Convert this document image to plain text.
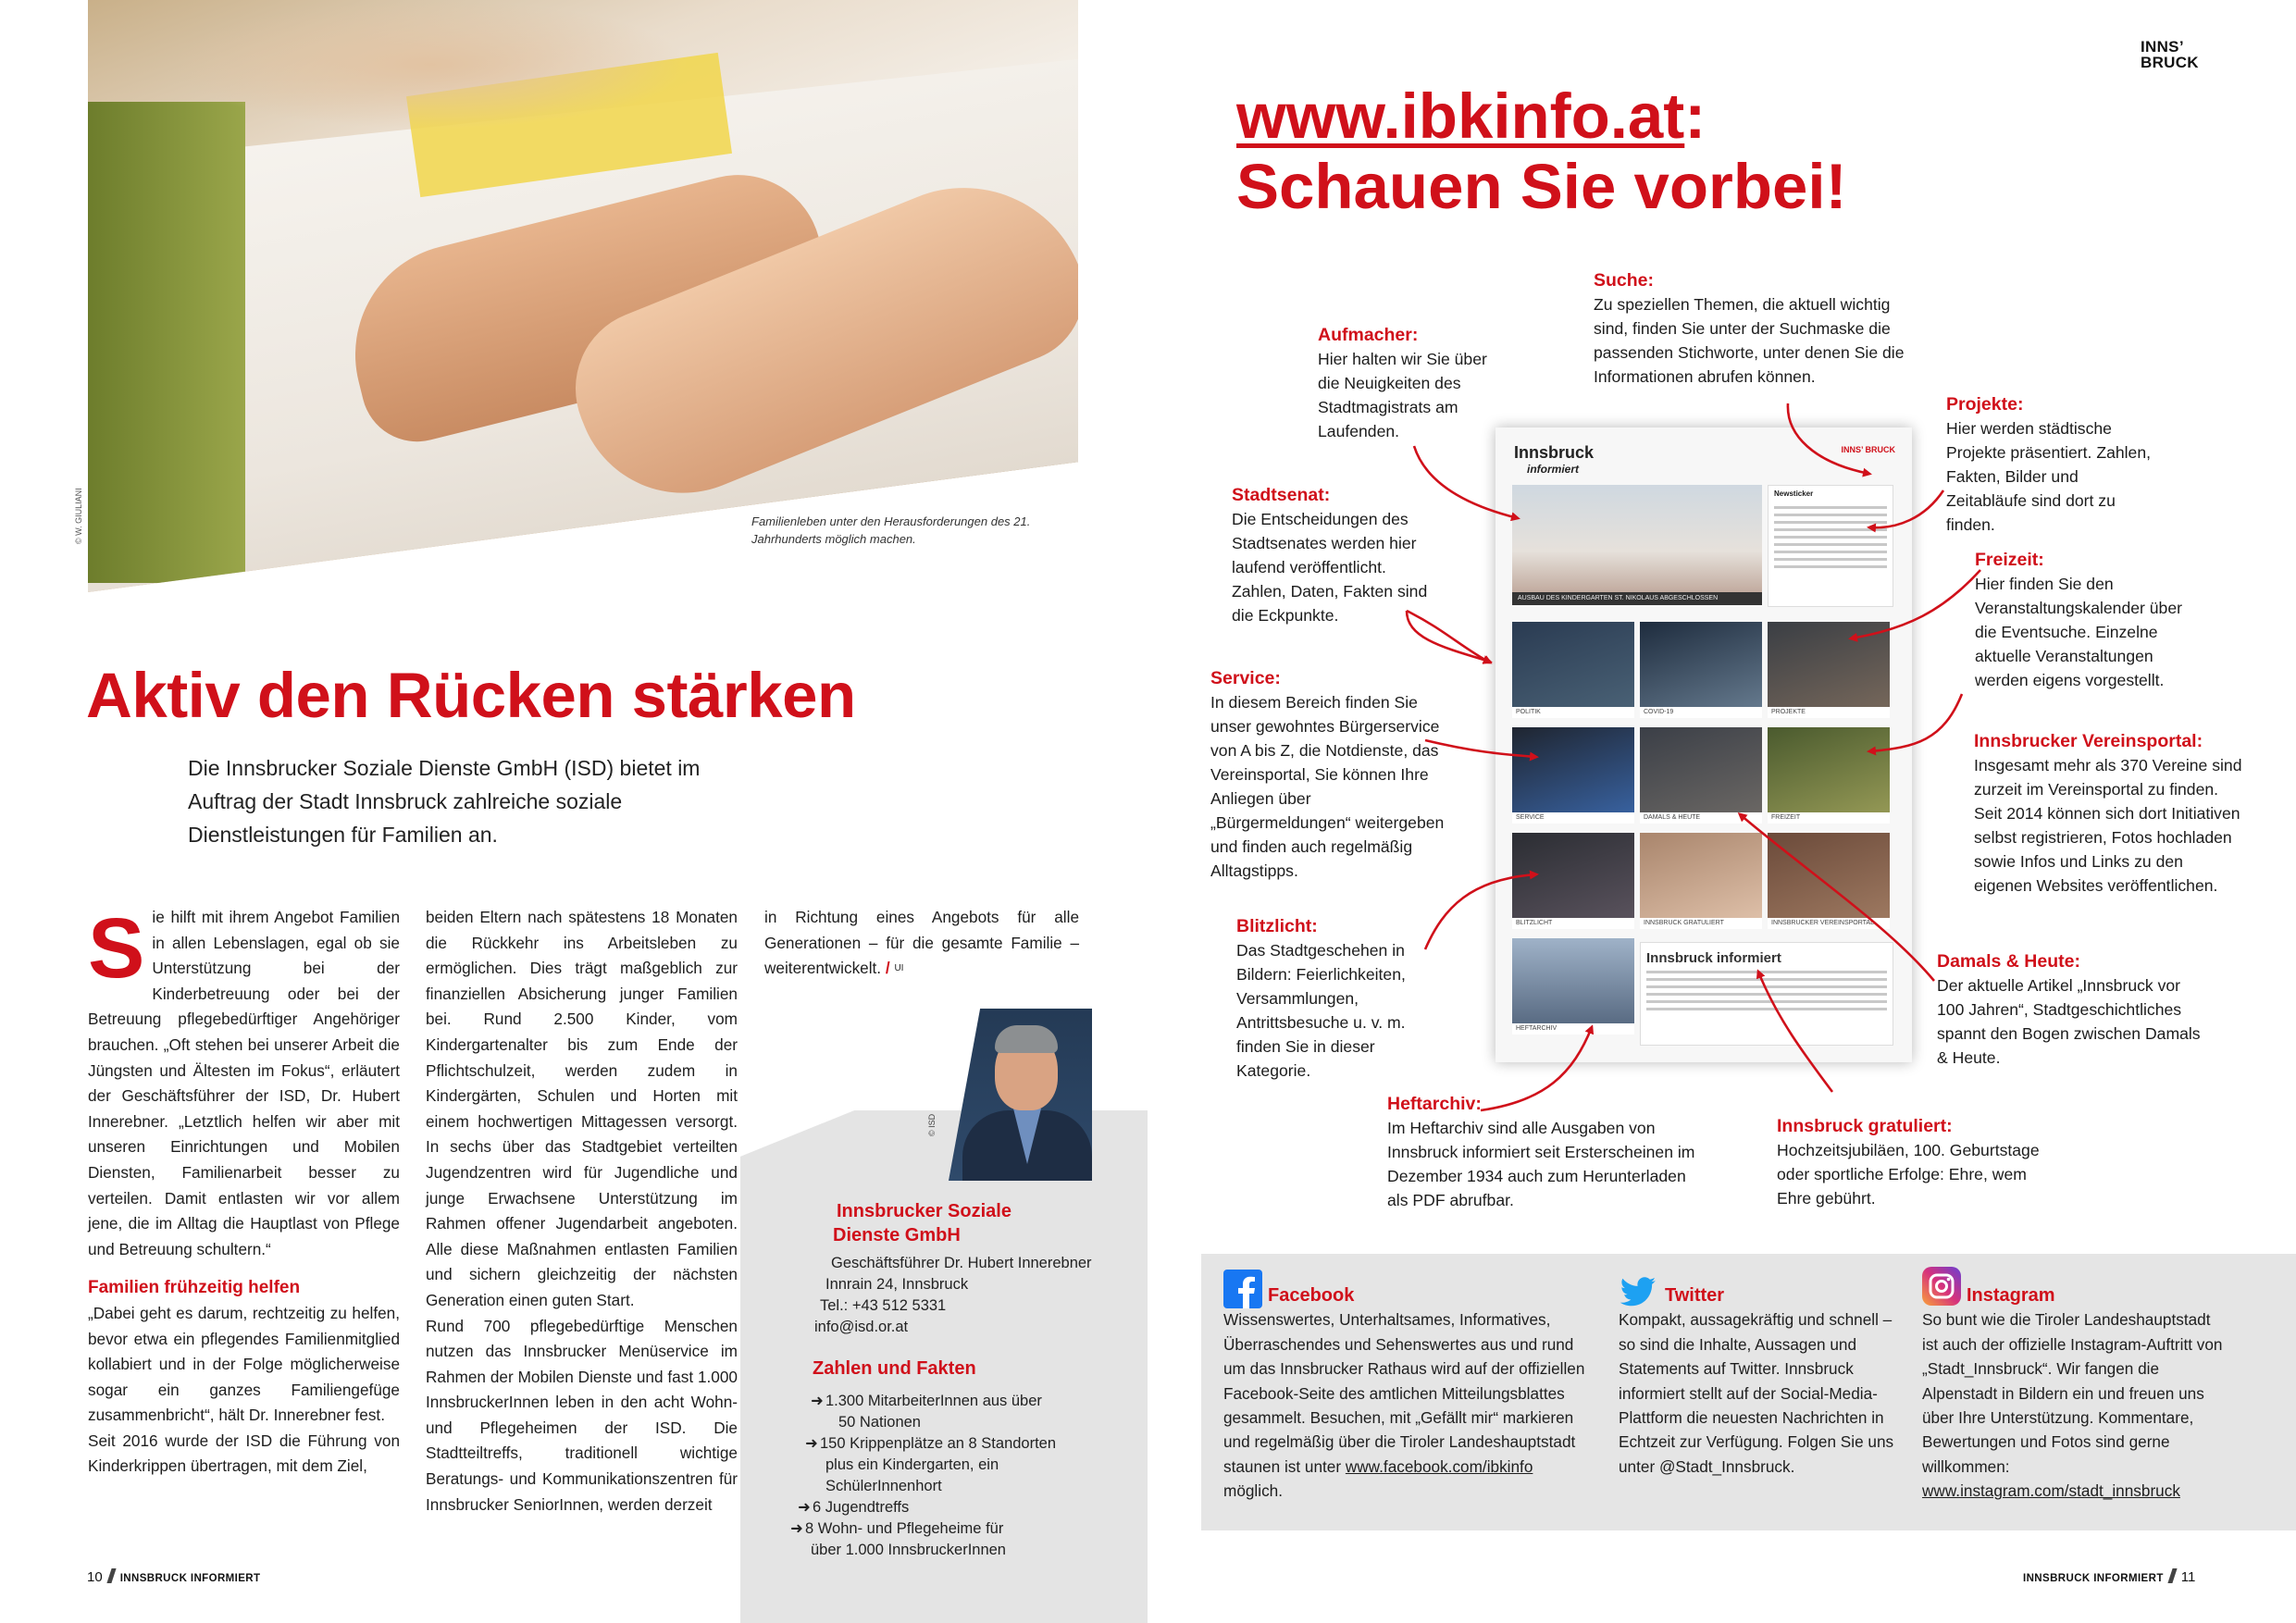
© W. GIULIANI	Familienleben unter den Herausforderungen des 21. Jahrhunderts möglich machen.
Aktiv den Rücken stärken
Die Innsbrucker Soziale Dienste GmbH (ISD) bietet im Auftrag der Stadt Innsbruck zahlreiche soziale Dienstleistungen für Familien an.
Sie hilft mit ihrem Angebot Familien in allen Lebenslagen, egal ob sie Unterstützung bei der Kinderbetreuung oder bei der Betreuung pflegebedürftiger Angehöriger brauchen. „Oft stehen bei unserer Arbeit die Jüngsten und Ältesten im Fokus“, erläutert der Geschäftsführer der ISD, Dr. Hubert Innerebner. „Letztlich helfen wir aber mit unseren Einrichtungen und Mobilen Diensten, Familienarbeit besser zu verteilen. Damit entlasten wir vor allem jene, die im Alltag die Hauptlast von Pflege und Betreuung schultern.“
Familien frühzeitig helfen
„Dabei geht es darum, rechtzeitig zu helfen, bevor etwa ein pflegendes Familienmitglied kollabiert und in der Folge möglicherweise sogar ein ganzes Familiengefüge zusammenbricht“, hält Dr. Innerebner fest.
Seit 2016 wurde der ISD die Führung von Kinderkrippen übertragen, mit dem Ziel,
beiden Eltern nach spätestens 18 Monaten die Rückkehr ins Arbeitsleben zu ermöglichen. Dies trägt maßgeblich zur finanziellen Absicherung junger Familien bei. Rund 2.500 Kinder, vom Kindergartenalter bis zum Ende der Pflichtschulzeit, werden zudem in Kindergärten, Schulen und Horten mit einem hochwertigen Mittagessen versorgt. In sechs über das Stadtgebiet verteilten Jugendzentren wird für Jugendliche und junge Erwachsene Unterstützung im Rahmen offener Jugendarbeit angeboten. Alle diese Maßnahmen entlasten Familien und sichern gleichzeitig der nächsten Generation einen guten Start.
Rund 700 pflegebedürftige Menschen nutzen das Innsbrucker Menüservice im Rahmen der Mobilen Dienste und fast 1.000 InnsbruckerInnen leben in den acht Wohn- und Pflegeheimen der ISD. Die Stadtteiltreffs, traditionell wichtige Beratungs- und Kommunikationszentren für Innsbrucker SeniorInnen, werden derzeit
in Richtung eines Angebots für alle Generationen – für die gesamte Familie – weiterentwickelt. / $^{UI}$
© ISD
Innsbrucker Soziale
Dienste GmbH
Geschäftsführer Dr. Hubert Innerebner
Innrain 24, Innsbruck
Tel.: +43 512 5331
info@isd.or.at
Zahlen und Fakten
➜ 1.300 MitarbeiterInnen aus über
50 Nationen
➜ 150 Krippenplätze an 8 Standorten
plus ein Kindergarten, ein
SchülerInnenhort
➜ 6 Jugendtreffs
➜ 8 Wohn- und Pflegeheime für
über 1.000 InnsbruckerInnen
10 INNSBRUCK INFORMIERT
INNS’
BRUCK
www.ibkinfo.at:
Schauen Sie vorbei!
Suche:
Zu speziellen Themen, die aktuell wichtig sind, finden Sie unter der Suchmaske die passenden Stichworte, unter denen Sie die Informationen abrufen können.
Aufmacher:
Hier halten wir Sie über die Neuigkeiten des Stadtmagistrats am Laufenden.
Projekte:
Hier werden städtische Projekte präsentiert. Zahlen, Fakten, Bilder und Zeitabläufe sind dort zu finden.
Stadtsenat:
Die Entscheidungen des Stadtsenates werden hier laufend veröffentlicht. Zahlen, Daten, Fakten sind die Eckpunkte.
Freizeit:
Hier finden Sie den Veranstaltungskalender über die Eventsuche. Einzelne aktuelle Veranstaltungen werden eigens vorgestellt.
Service:
In diesem Bereich finden Sie unser gewohntes Bürgerservice von A bis Z, die Notdienste, das Vereinsportal, Sie können Ihre Anliegen über „Bürgermeldungen“ weitergeben und finden auch regelmäßig Alltagstipps.
Innsbrucker Vereinsportal:
Insgesamt mehr als 370 Vereine sind zurzeit im Vereinsportal zu finden. Seit 2014 können sich dort Initiativen selbst registrieren, Fotos hochladen sowie Infos und Links zu den eigenen Websites veröffentlichen.
Blitzlicht:
Das Stadtgeschehen in Bildern: Feierlichkeiten, Versammlungen, Antrittsbesuche u. v. m. finden Sie in dieser Kategorie.
Damals & Heute:
Der aktuelle Artikel „Innsbruck vor 100 Jahren“, Stadtgeschichtliches spannt den Bogen zwischen Damals & Heute.
Heftarchiv:
Im Heftarchiv sind alle Ausgaben von Innsbruck informiert seit Ersterscheinen im Dezember 1934 auch zum Herunterladen als PDF abrufbar.
Innsbruck gratuliert:
Hochzeitsjubiläen, 100. Geburtstage oder sportliche Erfolge: Ehre, wem Ehre gebührt.
Innsbruck
informiert
INNS’ BRUCK
AUSBAU DES KINDERGARTEN ST. NIKOLAUS ABGESCHLOSSEN
Newsticker
POLITIK	COVID-19	PROJEKTE
SERVICE	DAMALS & HEUTE	FREIZEIT
BLITZLICHT	INNSBRUCK GRATULIERT	INNSBRUCKER VEREINSPORTAL
HEFTARCHIV
Innsbruck informiert
Facebook
Wissenswertes, Unterhaltsames, Informatives, Überraschendes und Sehenswertes aus und rund um das Innsbrucker Rathaus wird auf der offiziellen Facebook-Seite des amtlichen Mitteilungsblattes gesammelt. Besuchen, mit „Gefällt mir“ markieren und regelmäßig über die Tiroler Landeshauptstadt staunen ist unter www.facebook.com/ibkinfo möglich.
Twitter
Kompakt, aussagekräftig und schnell – so sind die Inhalte, Aussagen und Statements auf Twitter. Innsbruck informiert stellt auf der Social-Media-Plattform die neuesten Nachrichten in Echtzeit zur Verfügung. Folgen Sie uns unter @Stadt_Innsbruck.
Instagram
So bunt wie die Tiroler Landeshauptstadt ist auch der offizielle Instagram-Auftritt von „Stadt_Innsbruck“. Wir fangen die Alpenstadt in Bildern ein und freuen uns über Ihre Unterstützung. Kommentare, Bewertungen und Fotos sind gerne willkommen:
www.instagram.com/stadt_innsbruck
INNSBRUCK INFORMIERT 11
